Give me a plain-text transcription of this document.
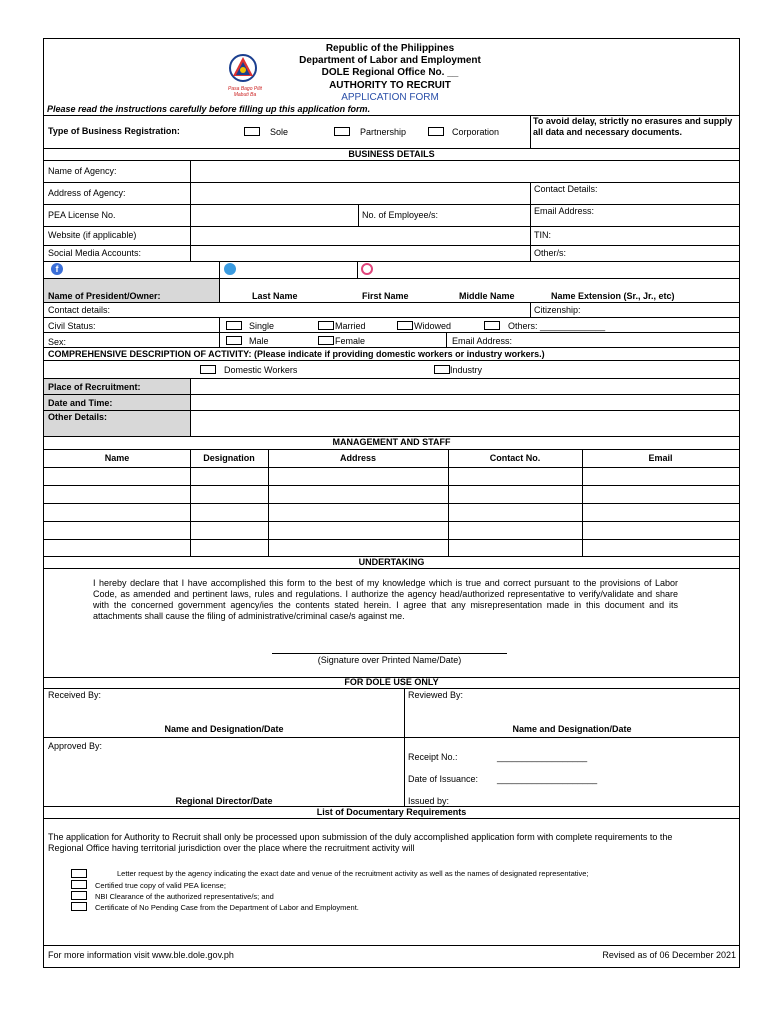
Pasa Bago Pilit Mabuti Ba
Republic of the Philippines
Department of Labor and Employment
DOLE Regional Office No. __
AUTHORITY TO RECRUIT
APPLICATION FORM
Please read the instructions carefully before filling up this application form.
Type of Business Registration:	Sole	Partnership	Corporation
To avoid delay, strictly no erasures and supply all data and necessary documents.
BUSINESS DETAILS
Name of Agency:
Address of Agency:	Contact Details:
PEA License No.	No. of Employee/s:	Email Address:
Website (if applicable)	TIN:
Social Media Accounts:	Other/s:
f
Name of President/Owner:	Last Name	First Name	Middle Name	Name Extension (Sr., Jr., etc)
Contact details:	Citizenship:
Civil Status:	Single	Married	Widowed	Others: _____________
Sex:	Male	Female	Email Address:
COMPREHENSIVE DESCRIPTION OF ACTIVITY: (Please indicate if providing domestic workers or industry workers.)
Domestic Workers	Industry
Place of Recruitment:
Date and Time:
Other Details:
MANAGEMENT AND STAFF
Name	Designation	Address	Contact No.	Email
UNDERTAKING
I hereby declare that I have accomplished this form to the best of my knowledge which is true and correct pursuant to the provisions of Labor Code, as amended and pertinent laws, rules and regulations. I authorize the agency head/authorized representative to verify/validate and share with the concerned government agency/ies the contents stated herein. I agree that any misrepresentation made in this document and its attachments shall cause the filing of administrative/criminal case/s against me.
(Signature over Printed Name/Date)
FOR DOLE USE ONLY
Received By:	Reviewed By:
Name and Designation/Date	Name and Designation/Date
Approved By:
Receipt No.:	__________________
Date of Issuance: ____________________
Regional Director/Date	Issued by:
List of Documentary Requirements
The application for Authority to Recruit shall only be processed upon submission of the duly accomplished application form with complete requirements to the Regional Office having territorial jurisdiction over the place where the recruitment activity will
Letter request by the agency indicating the exact date and venue of the recruitment activity as well as the names of designated representative;
Certified true copy of valid PEA license;
NBI Clearance of the authorized representative/s; and
Certificate of No Pending Case from the Department of Labor and Employment.
For more information visit www.ble.dole.gov.ph	Revised as of 06 December 2021
